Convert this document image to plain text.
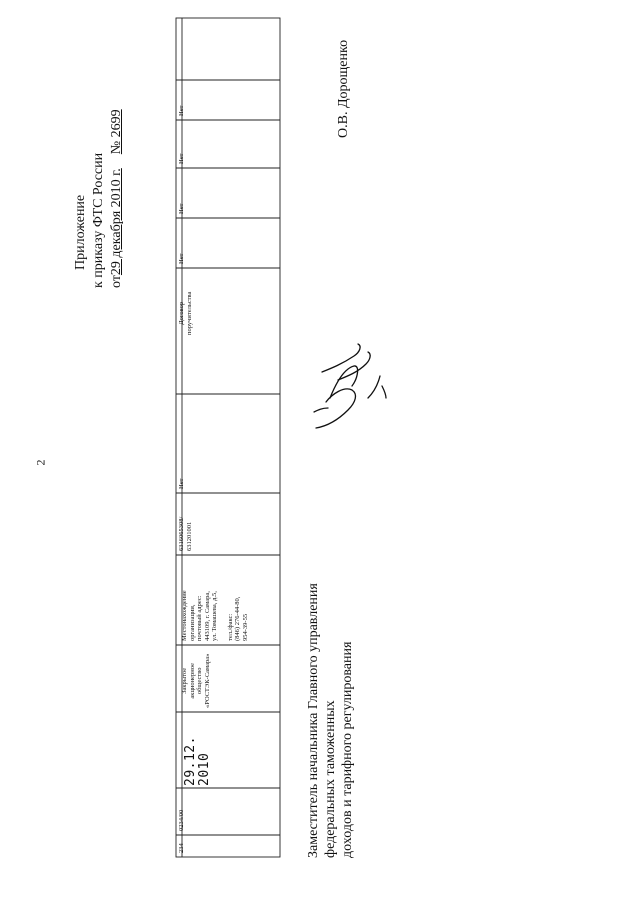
2
Приложение к приказу ФТС России от29 декабря 2010 г.    № 2699
234
0234/00
29.12.
2010
Закрытое
акционерное
общество
«РОСТЭК-Самара»
Местонахождение
организации,
почтовый адрес:
443109, г. Самара,
ул. Томашева, д.5,

тел./факс:
(846) 276-44-80,
954-39-55
6316065308/
631201001
Нет
Договор
поручительства
Нет
Нет
Нет
Нет
Заместитель начальника Главного управления
федеральных таможенных
доходов и тарифного регулирования
О.В. Дорощенко
